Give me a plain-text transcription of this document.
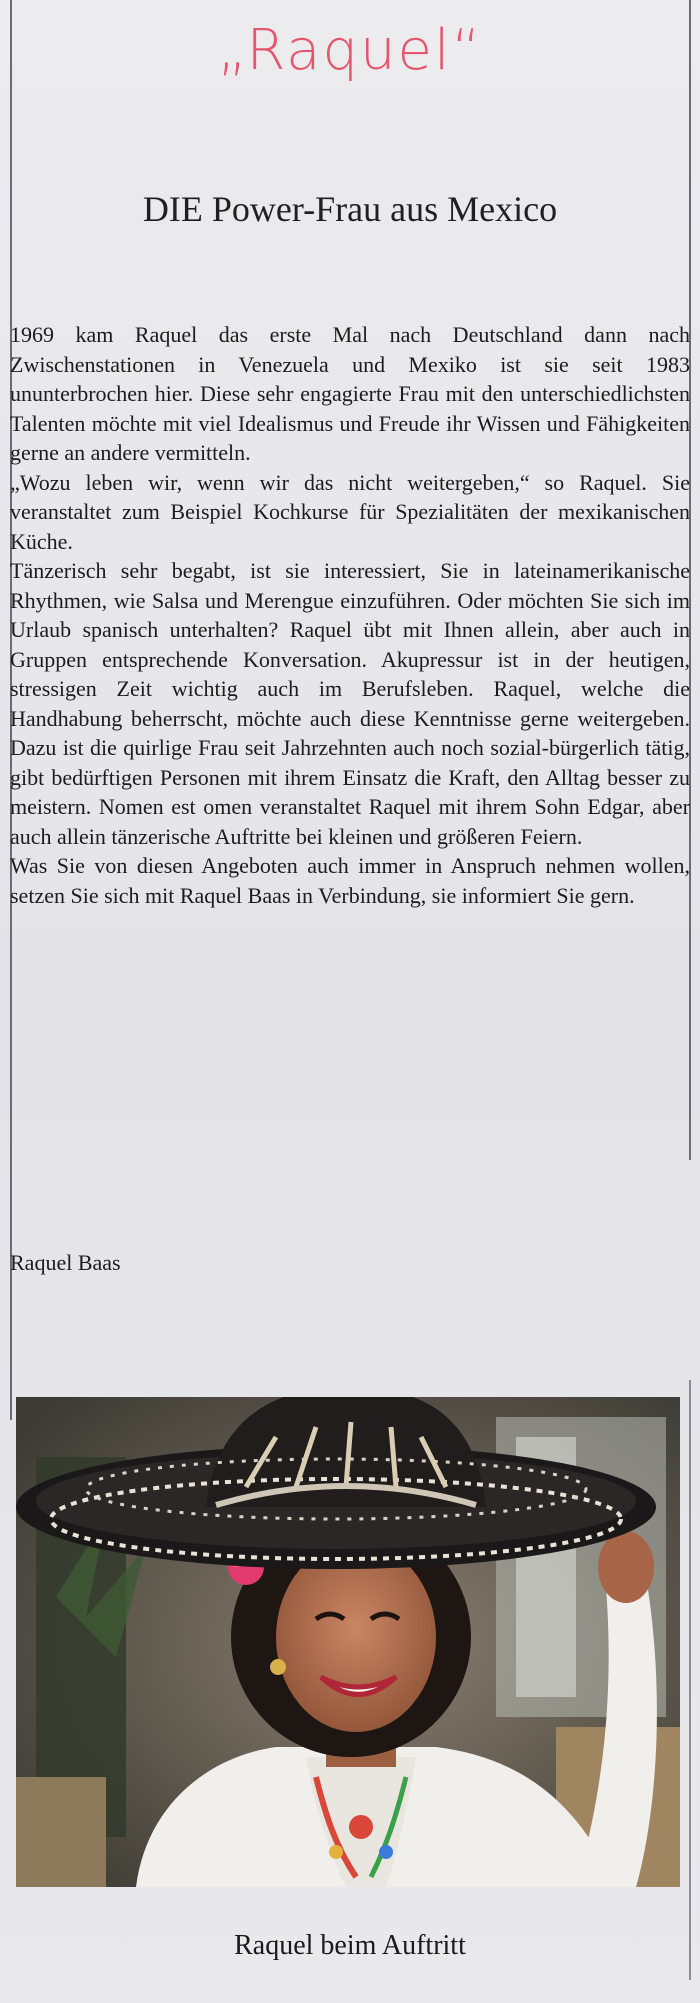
„Raquel“
DIE Power-Frau aus Mexico

1969 kam Raquel das erste Mal nach Deutschland dann nach Zwischenstationen in Venezuela und Mexiko ist sie seit 1983 ununterbrochen hier. Diese sehr engagierte Frau mit den unterschiedlichsten Talenten möchte mit viel Idealismus und Freude ihr Wissen und Fähigkeiten gerne an andere vermitteln.

„Wozu leben wir, wenn wir das nicht weitergeben,“ so Raquel. Sie veranstaltet zum Beispiel Kochkurse für Spezialitäten der mexikanischen Küche.

Tänzerisch sehr begabt, ist sie interessiert, Sie in lateinamerikanische Rhythmen, wie Salsa und Merengue einzuführen. Oder möchten Sie sich im Urlaub spanisch unterhalten? Raquel übt mit Ihnen allein, aber auch in Gruppen entsprechende Konversation. Akupressur ist in der heutigen, stressigen Zeit wichtig auch im Berufsleben. Raquel, welche die Handhabung beherrscht, möchte auch diese Kenntnisse gerne weitergeben. Dazu ist die quirlige Frau seit Jahrzehnten auch noch sozial-bürgerlich tätig, gibt bedürftigen Personen mit ihrem Einsatz die Kraft, den Alltag besser zu meistern. Nomen est omen veranstaltet Raquel mit ihrem Sohn Edgar, aber auch allein tänzerische Auftritte bei kleinen und größeren Feiern.

Was Sie von diesen Angeboten auch immer in Anspruch nehmen wollen, setzen Sie sich mit Raquel Baas in Verbindung, sie informiert Sie gern.

Raquel Baas
Raquel beim Auftritt
